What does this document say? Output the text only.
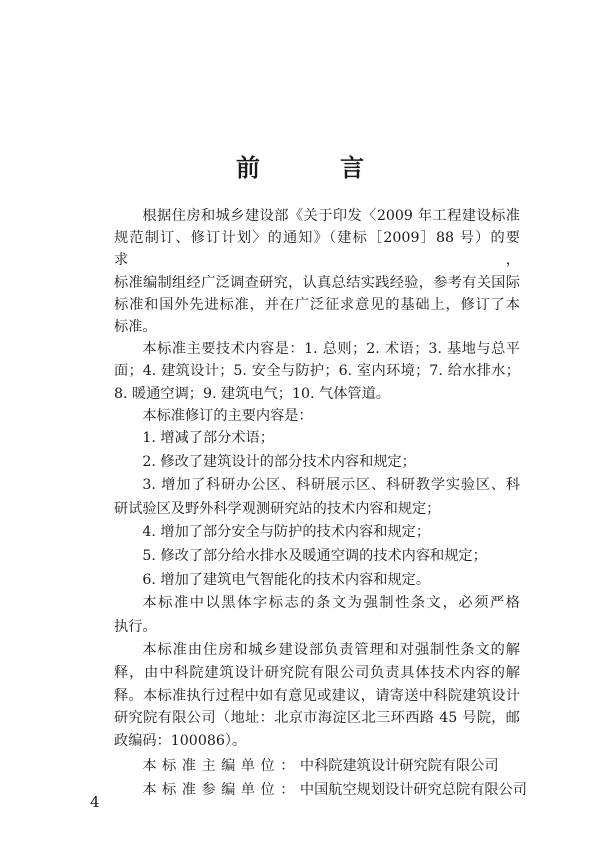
前　言
根据住房和城乡建设部《关于印发〈2009 年工程建设标准
规范制订、修订计划〉的通知》（建标［2009］88 号）的要求，
标准编制组经广泛调查研究，认真总结实践经验，参考有关国际
标准和国外先进标准，并在广泛征求意见的基础上，修订了本
标准。
本标准主要技术内容是：1. 总则；2. 术语；3. 基地与总平
面；4. 建筑设计；5. 安全与防护；6. 室内环境；7. 给水排水；
8. 暖通空调；9. 建筑电气；10. 气体管道。
本标准修订的主要内容是：
1. 增减了部分术语；
2. 修改了建筑设计的部分技术内容和规定；
3. 增加了科研办公区、科研展示区、科研教学实验区、科
研试验区及野外科学观测研究站的技术内容和规定；
4. 增加了部分安全与防护的技术内容和规定；
5. 修改了部分给水排水及暖通空调的技术内容和规定；
6. 增加了建筑电气智能化的技术内容和规定。
本标准中以黑体字标志的条文为强制性条文，必须严格
执行。
本标准由住房和城乡建设部负责管理和对强制性条文的解
释，由中科院建筑设计研究院有限公司负责具体技术内容的解
释。本标准执行过程中如有意见或建议，请寄送中科院建筑设计
研究院有限公司（地址：北京市海淀区北三环西路 45 号院，邮
政编码：100086）。
本标准主编单位： 中科院建筑设计研究院有限公司
本标准参编单位： 中国航空规划设计研究总院有限公司
4
